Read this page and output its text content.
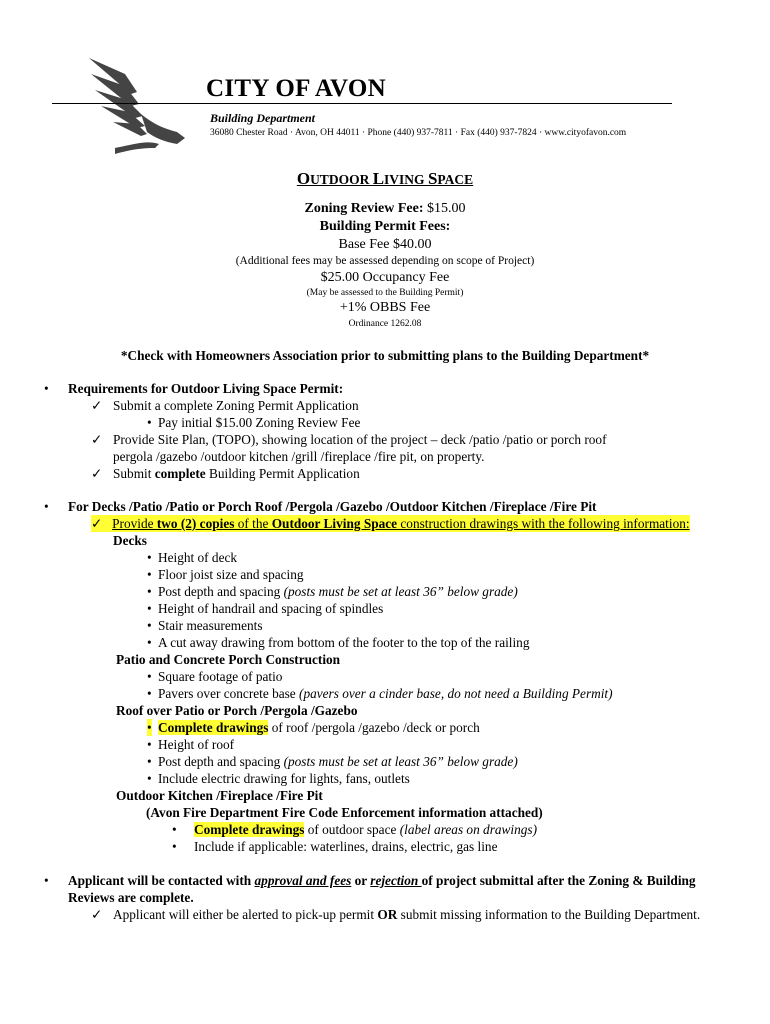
CITY OF AVON
Building Department
36080 Chester Road · Avon, OH 44011 · Phone (440) 937-7811 · Fax (440) 937-7824 · www.cityofavon.com
OUTDOOR LIVING SPACE
Zoning Review Fee: $15.00
Building Permit Fees:
Base Fee $40.00
(Additional fees may be assessed depending on scope of Project)
$25.00 Occupancy Fee
(May be assessed to the Building Permit)
+1% OBBS Fee
Ordinance 1262.08
*Check with Homeowners Association prior to submitting plans to the Building Department*
• Requirements for Outdoor Living Space Permit:
✓ Submit a complete Zoning Permit Application
• Pay initial $15.00 Zoning Review Fee
✓ Provide Site Plan, (TOPO), showing location of the project – deck /patio /patio or porch roof
pergola /gazebo /outdoor kitchen /grill /fireplace /fire pit, on property.
✓ Submit complete Building Permit Application
• For Decks /Patio /Patio or Porch Roof /Pergola /Gazebo /Outdoor Kitchen /Fireplace /Fire Pit
✓ Provide two (2) copies of the Outdoor Living Space construction drawings with the following information:
Decks
• Height of deck
• Floor joist size and spacing
• Post depth and spacing (posts must be set at least 36” below grade)
• Height of handrail and spacing of spindles
• Stair measurements
• A cut away drawing from bottom of the footer to the top of the railing
Patio and Concrete Porch Construction
• Square footage of patio
• Pavers over concrete base (pavers over a cinder base, do not need a Building Permit)
Roof over Patio or Porch /Pergola /Gazebo
• Complete drawings of roof /pergola /gazebo /deck or porch
• Height of roof
• Post depth and spacing (posts must be set at least 36” below grade)
• Include electric drawing for lights, fans, outlets
Outdoor Kitchen /Fireplace /Fire Pit
(Avon Fire Department Fire Code Enforcement information attached)
• Complete drawings of outdoor space (label areas on drawings)
• Include if applicable: waterlines, drains, electric, gas line
• Applicant will be contacted with approval and fees or rejection of project submittal after the Zoning & Building
Reviews are complete.
✓ Applicant will either be alerted to pick-up permit OR submit missing information to the Building Department.
